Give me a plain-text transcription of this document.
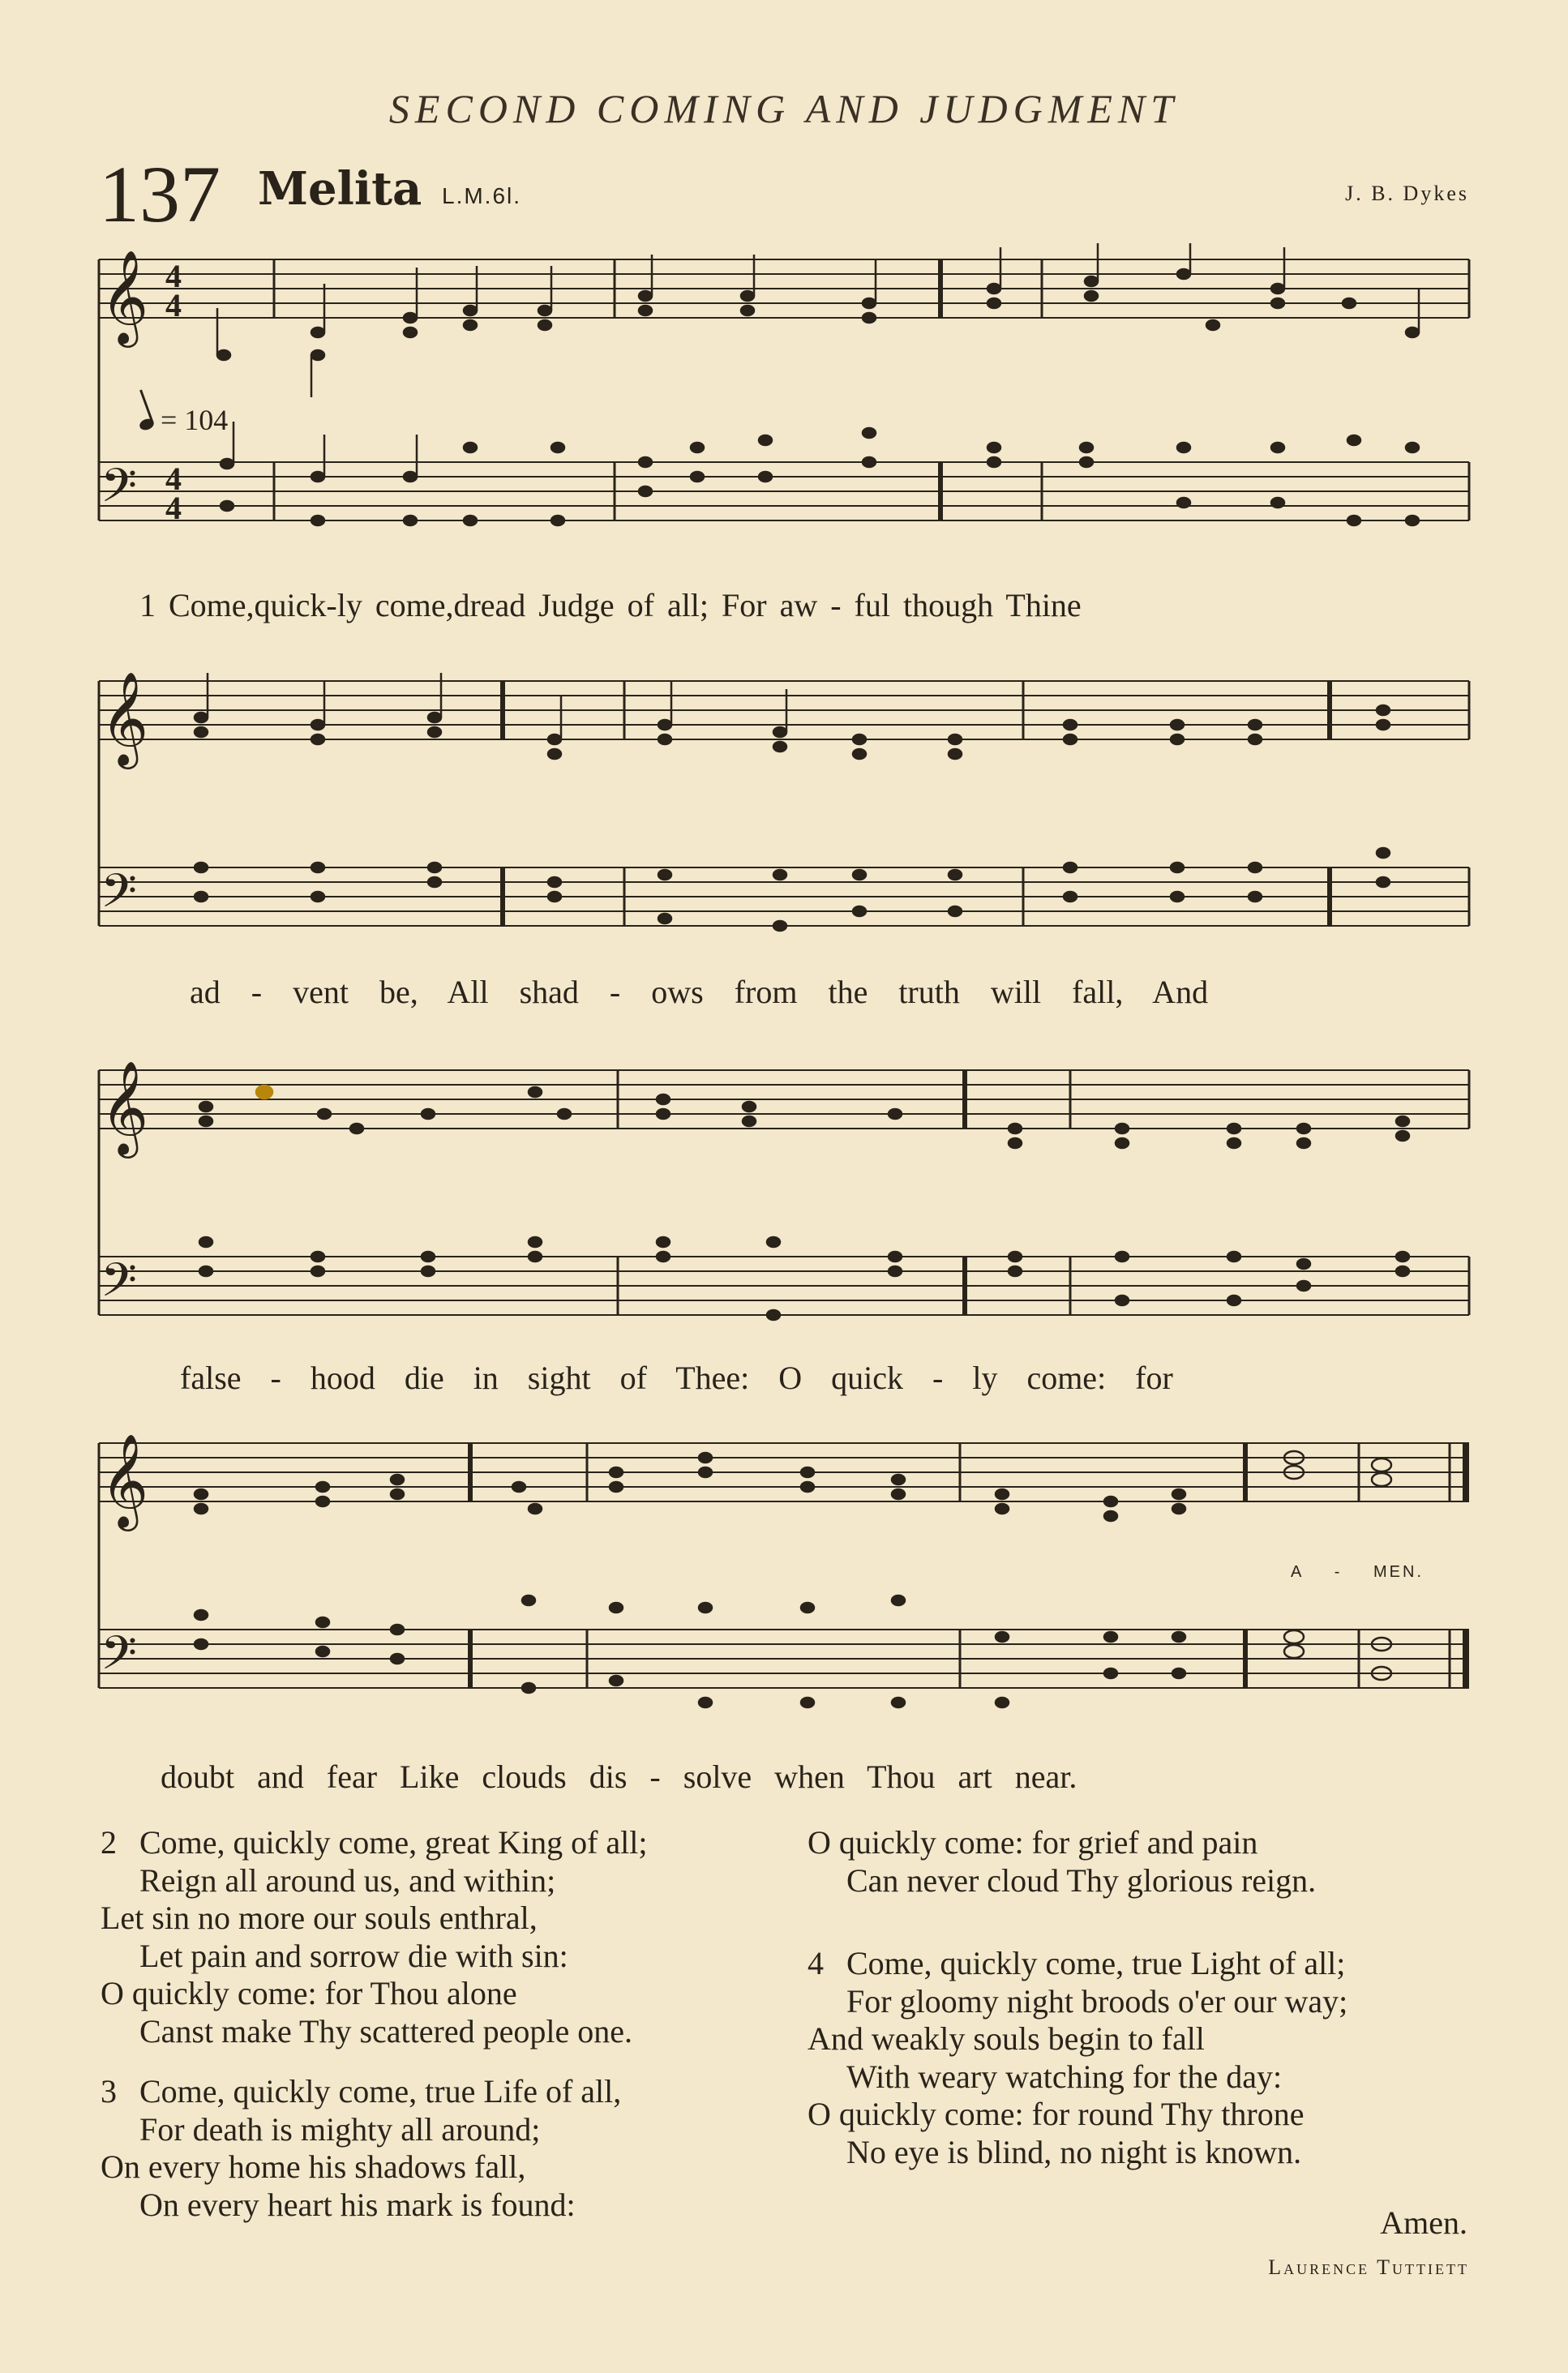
SECOND COMING AND JUDGMENT
137 Melita L.M.6l.	J. B. Dykes
𝄞
𝄢
4
4
4
4
= 104
1 Come,quick-ly come,dread Judge of all; For aw - ful though Thine
𝄞
𝄢
ad - vent be, All shad - ows from the truth will fall, And
𝄞
𝄢
false - hood die in sight of Thee: O quick - ly come: for
𝄞
𝄢
A - MEN.
doubt and fear Like clouds dis - solve when Thou art near.
2 Come, quickly come, great King of all;
Reign all around us, and within;
Let sin no more our souls enthral,
Let pain and sorrow die with sin:
O quickly come: for Thou alone
Canst make Thy scattered people one.
3 Come, quickly come, true Life of all,
For death is mighty all around;
On every home his shadows fall,
On every heart his mark is found:
O quickly come: for grief and pain
Can never cloud Thy glorious reign.
4 Come, quickly come, true Light of all;
For gloomy night broods o'er our way;
And weakly souls begin to fall
With weary watching for the day:
O quickly come: for round Thy throne
No eye is blind, no night is known.
Amen.
Laurence Tuttiett
